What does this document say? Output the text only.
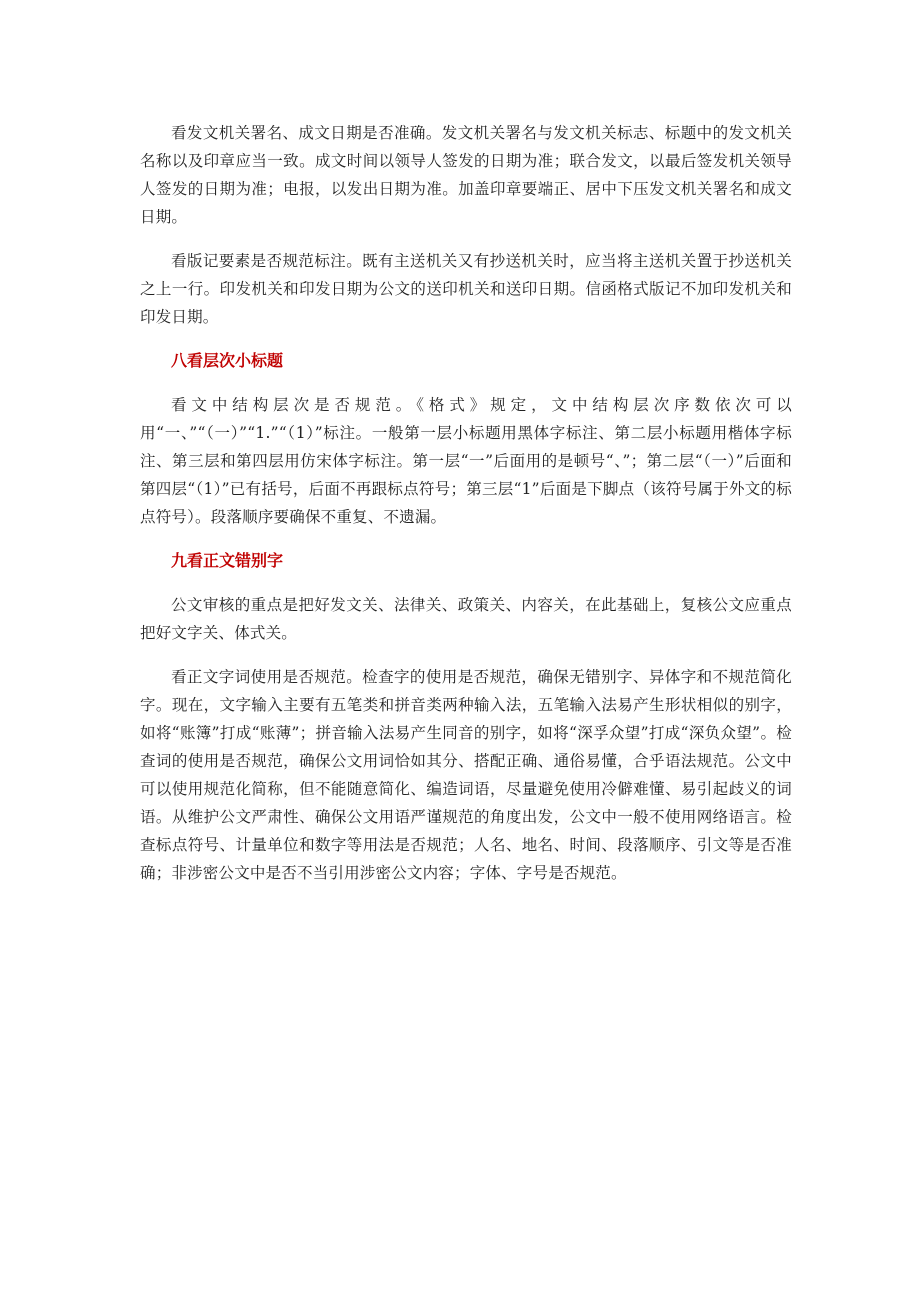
看发文机关署名、成文日期是否准确。发文机关署名与发文机关标志、标题中的发文机关名称以及印章应当一致。成文时间以领导人签发的日期为准；联合发文，以最后签发机关领导人签发的日期为准；电报，以发出日期为准。加盖印章要端正、居中下压发文机关署名和成文日期。

看版记要素是否规范标注。既有主送机关又有抄送机关时，应当将主送机关置于抄送机关之上一行。印发机关和印发日期为公文的送印机关和送印日期。信函格式版记不加印发机关和印发日期。

八看层次小标题

看文中结构层次是否规范。《格式》规定，文中结构层次序数依次可以用“一、”“（一）”“1.”“（1）”标注。一般第一层小标题用黑体字标注、第二层小标题用楷体字标注、第三层和第四层用仿宋体字标注。第一层“一”后面用的是顿号“、”；第二层“（一）”后面和第四层“（1）”已有括号，后面不再跟标点符号；第三层“1”后面是下脚点（该符号属于外文的标点符号）。段落顺序要确保不重复、不遗漏。

九看正文错别字

公文审核的重点是把好发文关、法律关、政策关、内容关，在此基础上，复核公文应重点把好文字关、体式关。

看正文字词使用是否规范。检查字的使用是否规范，确保无错别字、异体字和不规范简化字。现在，文字输入主要有五笔类和拼音类两种输入法，五笔输入法易产生形状相似的别字，如将“账簿”打成“账薄”；拼音输入法易产生同音的别字，如将“深孚众望”打成“深负众望”。检查词的使用是否规范，确保公文用词恰如其分、搭配正确、通俗易懂，合乎语法规范。公文中可以使用规范化简称，但不能随意简化、编造词语，尽量避免使用冷僻难懂、易引起歧义的词语。从维护公文严肃性、确保公文用语严谨规范的角度出发，公文中一般不使用网络语言。检查标点符号、计量单位和数字等用法是否规范；人名、地名、时间、段落顺序、引文等是否准确；非涉密公文中是否不当引用涉密公文内容；字体、字号是否规范。
